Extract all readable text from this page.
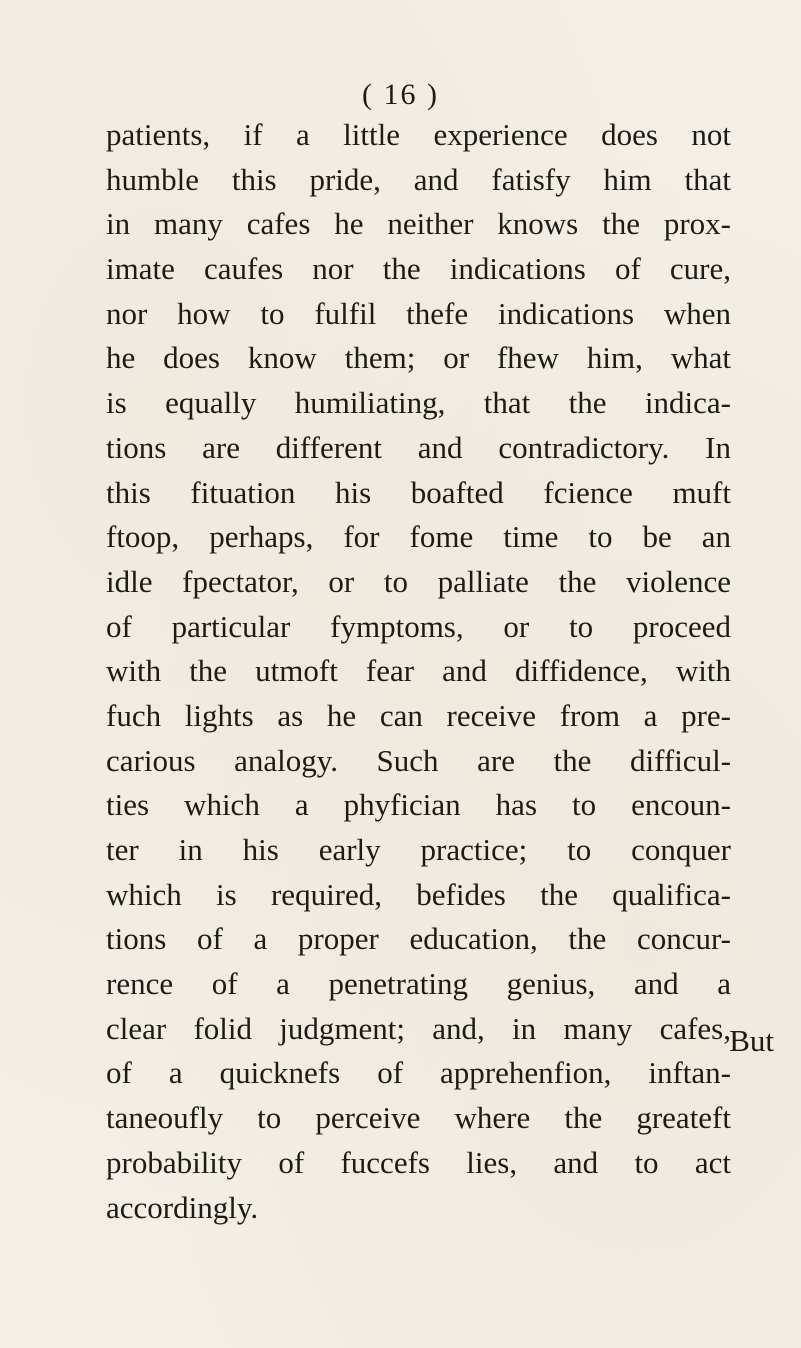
( 16 )
patients, if a little experience does not
humble this pride, and fatisfy him that
in many cafes he neither knows the prox-
imate caufes nor the indications of cure,
nor how to fulfil thefe indications when
he does know them; or fhew him, what
is equally humiliating, that the indica-
tions are different and contradictory. In
this fituation his boafted fcience muft
ftoop, perhaps, for fome time to be an
idle fpectator, or to palliate the violence
of particular fymptoms, or to proceed
with the utmoft fear and diffidence, with
fuch lights as he can receive from a pre-
carious analogy. Such are the difficul-
ties which a phyfician has to encoun-
ter in his early practice; to conquer
which is required, befides the qualifica-
tions of a proper education, the concur-
rence of a penetrating genius, and a
clear folid judgment; and, in many cafes,
of a quicknefs of apprehenfion, inftan-
taneoufly to perceive where the greateft
probability of fuccefs lies, and to act
accordingly.
But
